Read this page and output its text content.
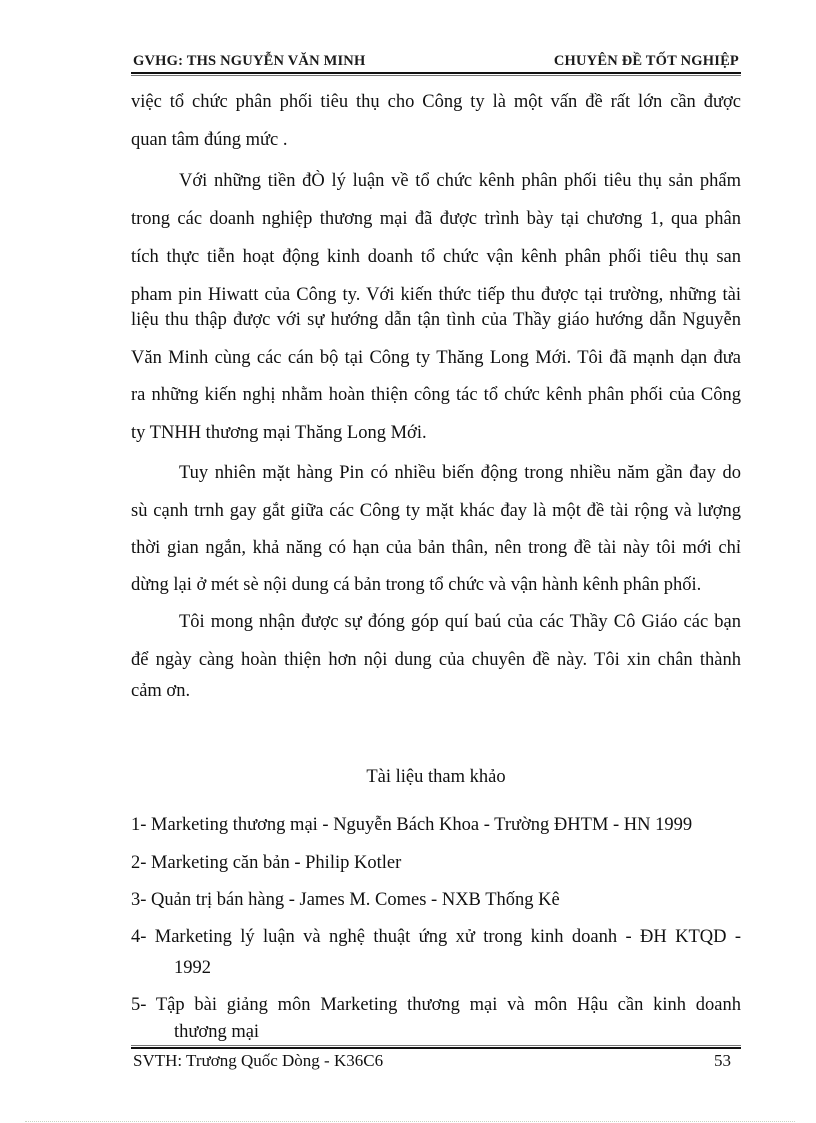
GVHG: THS NGUYỄN VĂN MINH	CHUYÊN ĐỀ TỐT NGHIỆP
việc tổ chức phân phối tiêu thụ cho Công ty là một vấn đề rất lớn cần được
quan tâm đúng mức .
Với những tiền đÒ lý luận về tổ chức kênh phân phối tiêu thụ sản phẩm
trong các doanh nghiệp thương mại đã được trình bày tại chương 1, qua phân
tích thực tiễn hoạt động kinh doanh tổ chức vận kênh phân phối tiêu thụ san
pham pin Hiwatt của Công ty. Với kiến thức tiếp thu được tại trường, những tài
liệu thu thập được với sự hướng dẫn tận tình của Thầy giáo hướng dẫn Nguyễn
Văn Minh cùng các cán bộ tại Công ty Thăng Long Mới. Tôi đã mạnh dạn đưa
ra những kiến nghị nhằm hoàn thiện công tác tổ chức kênh phân phối của Công
ty TNHH thương mại Thăng Long Mới.
Tuy nhiên mặt hàng Pin có nhiều biến động trong nhiều năm gần đay do
sù cạnh trnh gay gắt giữa các Công ty mặt khác đay là một đề tài rộng và lượng
thời gian ngắn, khả năng có hạn của bản thân, nên trong đề tài này tôi mới chỉ
dừng lại ở mét sè nội dung cá bản trong tổ chức và vận hành kênh phân phối.
Tôi mong nhận được sự đóng góp quí baú của các Thầy Cô Giáo các bạn
để ngày càng hoàn thiện hơn nội dung của chuyên đề này. Tôi xin chân thành
cảm ơn.
Tài liệu tham khảo
1- Marketing thương mại - Nguyễn Bách Khoa - Trường ĐHTM - HN 1999
2- Marketing căn bản - Philip Kotler
3- Quản trị bán hàng - James M. Comes - NXB Thống Kê
4- Marketing lý luận và nghệ thuật ứng xử trong kinh doanh - ĐH KTQD -
1992
5- Tập bài giảng môn Marketing thương mại và môn Hậu cần kinh doanh
thương mại
SVTH: Trương Quốc Dòng - K36C6	53
